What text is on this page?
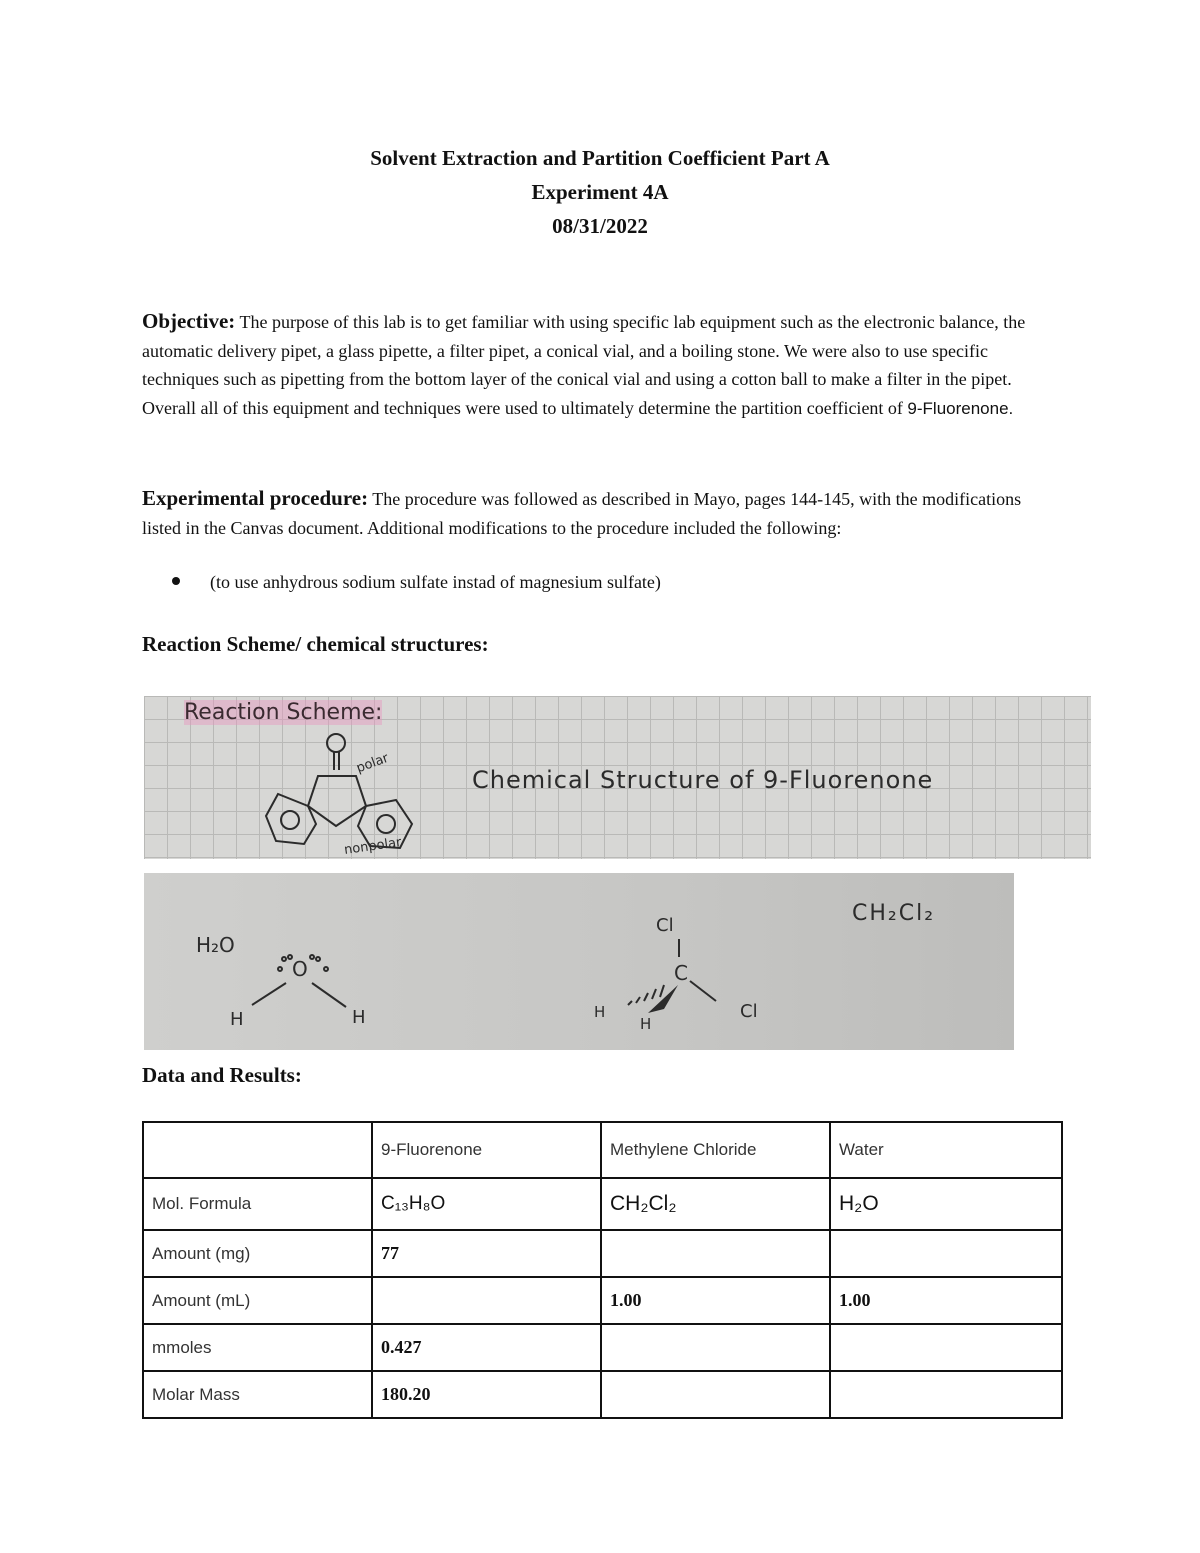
Solvent Extraction and Partition Coefficient Part A
Experiment 4A
08/31/2022
Objective: The purpose of this lab is to get familiar with using specific lab equipment such as the electronic balance, the automatic delivery pipet, a glass pipette, a filter pipet, a conical vial, and a boiling stone. We were also to use specific techniques such as pipetting from the bottom layer of the conical vial and using a cotton ball to make a filter in the pipet. Overall all of this equipment and techniques were used to ultimately determine the partition coefficient of 9-Fluorenone.
Experimental procedure: The procedure was followed as described in Mayo, pages 144-145, with the modifications listed in the Canvas document. Additional modifications to the procedure included the following:
(to use anhydrous sodium sulfate instad of magnesium sulfate)
Reaction Scheme/ chemical structures:
Reaction Scheme:
Chemical Structure of 9-Fluorenone
polar
nonpolar
H₂O
O
H	H
CH₂Cl₂
Cl
C
Cl
H
H
Data and Results:
	9-Fluorenone	Methylene Chloride	Water
Mol. Formula	C₁₃H₈O	CH₂Cl₂	H₂O
Amount (mg)	77		
Amount (mL)		1.00	1.00
mmoles	0.427		
Molar Mass	180.20		
